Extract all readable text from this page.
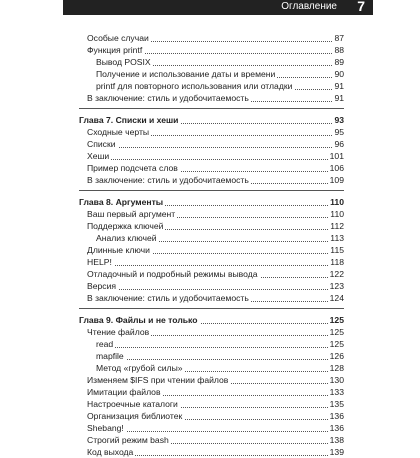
Оглавление 7
Особые случаи	87
Функция printf	88
Вывод POSIX	89
Получение и использование даты и времени	90
printf для повторного использования или отладки	91
В заключение: стиль и удобочитаемость	91
Глава 7. Списки и хеши	93
Сходные черты	95
Списки	96
Хеши	101
Пример подсчета слов	106
В заключение: стиль и удобочитаемость	109
Глава 8. Аргументы	110
Ваш первый аргумент	110
Поддержка ключей	112
Анализ ключей	113
Длинные ключи	115
HELP!	118
Отладочный и подробный режимы вывода	122
Версия	123
В заключение: стиль и удобочитаемость	124
Глава 9. Файлы и не только	125
Чтение файлов	125
read	125
mapfile	126
Метод «грубой силы»	128
Изменяем $IFS при чтении файлов	130
Имитации файлов	133
Настроечные каталоги	135
Организация библиотек	136
Shebang!	136
Строгий режим bash	138
Код выхода	139
